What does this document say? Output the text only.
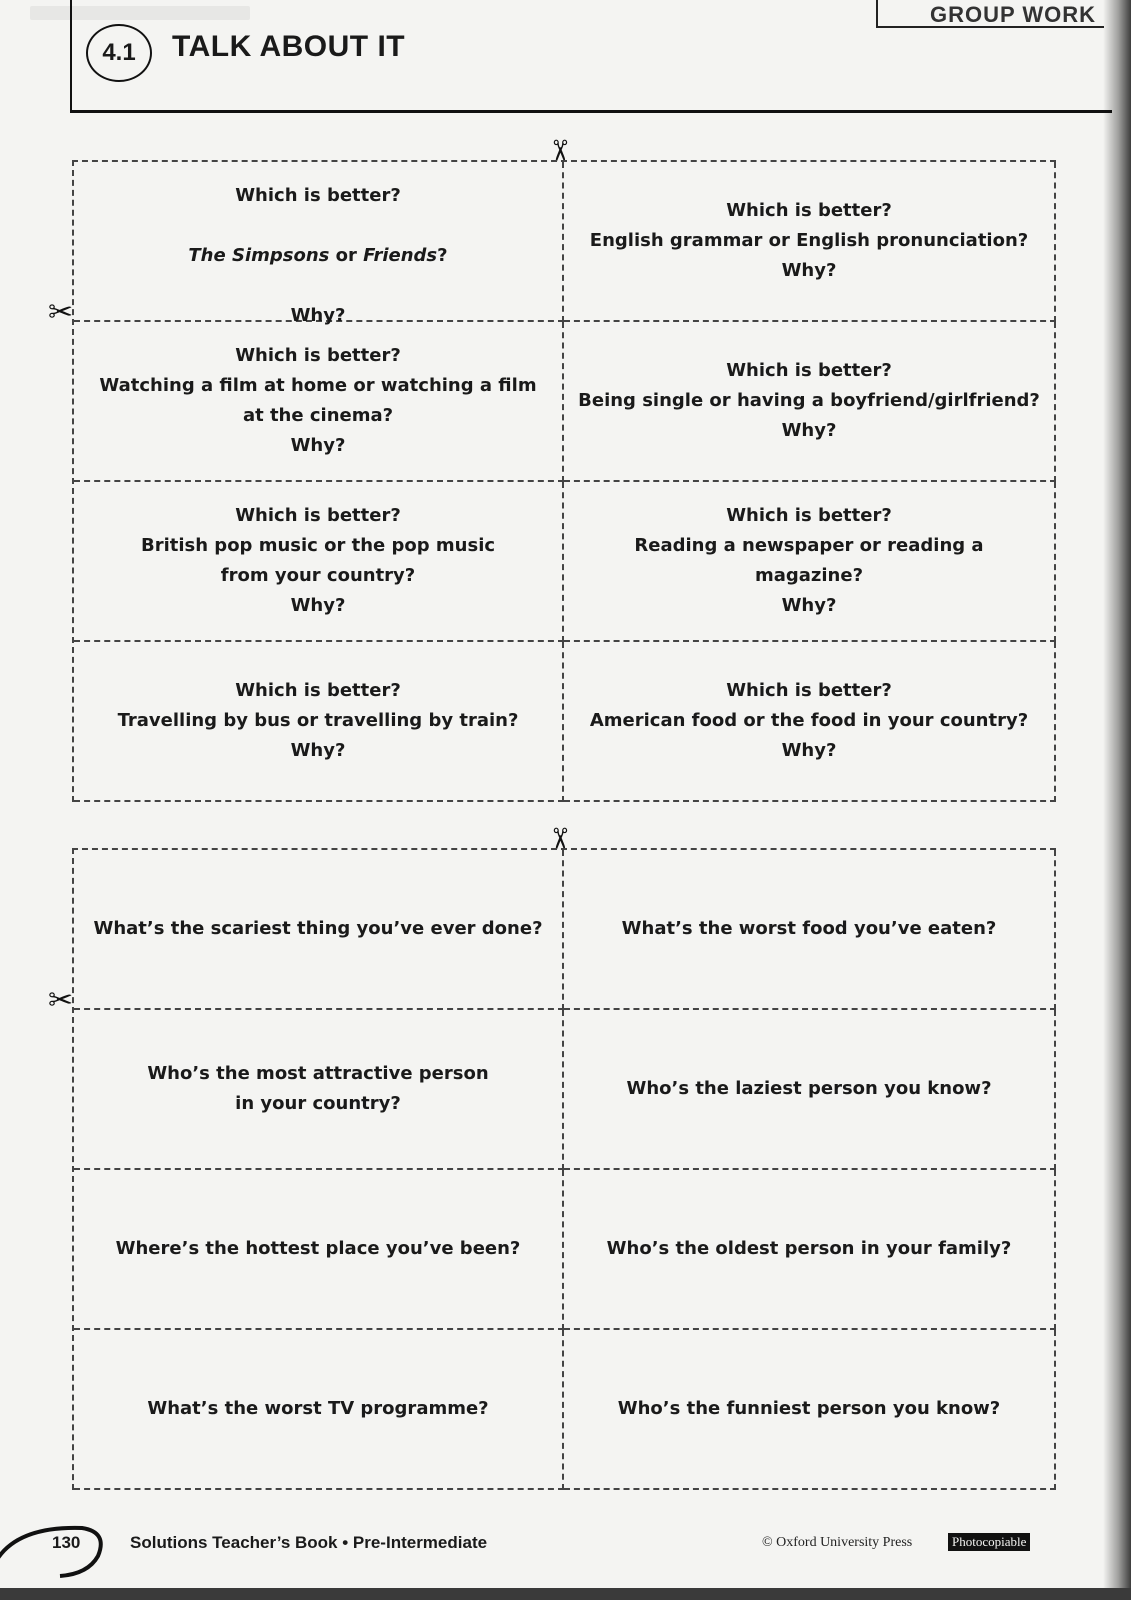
GROUP WORK
4.1	TALK ABOUT IT
✂
✂

Which is better?

The Simpsons or Friends?

Why?

Which is better?
English grammar or English pronunciation?
Why?
Which is better?
Watching a film at home or watching a film
at the cinema?
Why?
Which is better?
Being single or having a boyfriend/girlfriend?
Why?
Which is better?
British pop music or the pop music
from your country?
Why?
Which is better?
Reading a newspaper or reading a magazine?
Why?
Which is better?
Travelling by bus or travelling by train?
Why?
Which is better?
American food or the food in your country?
Why?
✂
✂
What’s the scariest thing you’ve ever done?	What’s the worst food you’ve eaten?
Who’s the most attractive person
in your country?
Who’s the laziest person you know?
Where’s the hottest place you’ve been?	Who’s the oldest person in your family?
What’s the worst TV programme?	Who’s the funniest person you know?
130	Solutions Teacher’s Book • Pre-Intermediate	© Oxford University Press	Photocopiable
